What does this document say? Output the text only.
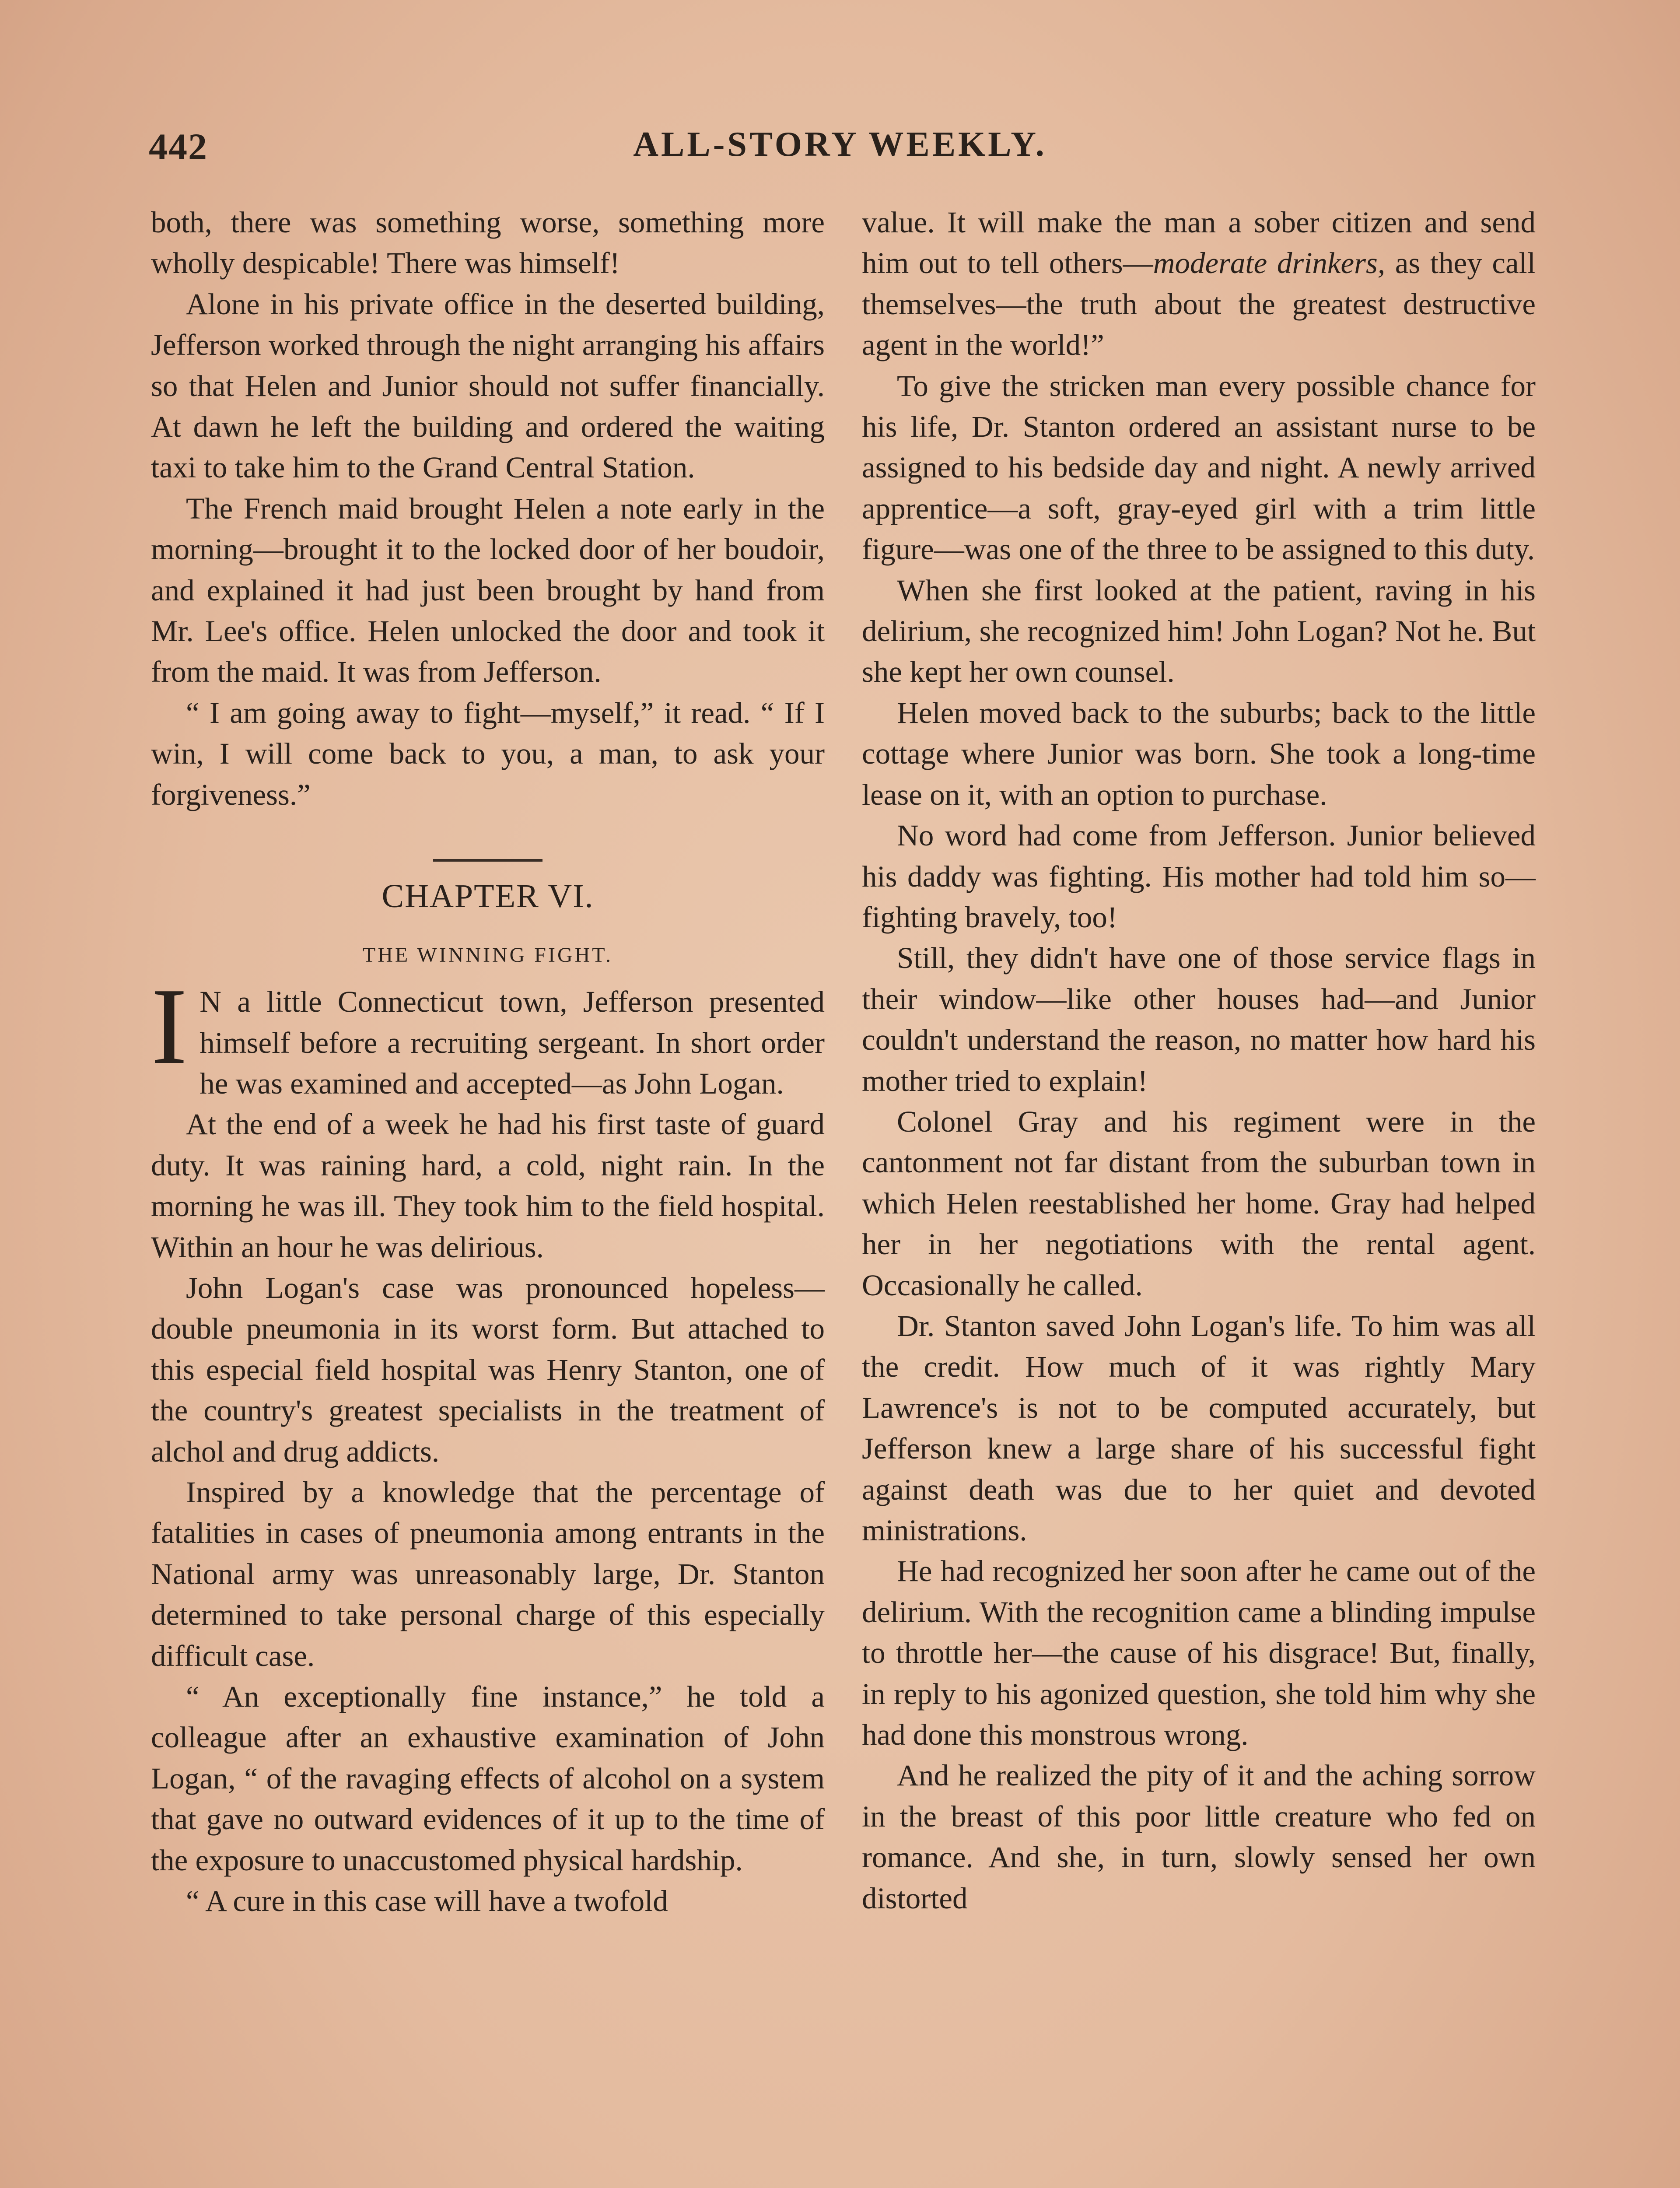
442	ALL-STORY WEEKLY.

both, there was something worse, something more wholly despicable! There was himself!

Alone in his private office in the deserted building, Jefferson worked through the night arranging his affairs so that Helen and Junior should not suffer financially. At dawn he left the building and ordered the waiting taxi to take him to the Grand Central Station.

The French maid brought Helen a note early in the morning—brought it to the locked door of her boudoir, and explained it had just been brought by hand from Mr. Lee's office. Helen unlocked the door and took it from the maid. It was from Jefferson.

“ I am going away to fight—myself,” it read. “ If I win, I will come back to you, a man, to ask your forgiveness.”

CHAPTER VI.
THE WINNING FIGHT.

I N a little Connecticut town, Jefferson presented himself before a recruiting sergeant. In short order he was examined and accepted—as John Logan.

At the end of a week he had his first taste of guard duty. It was raining hard, a cold, night rain. In the morning he was ill. They took him to the field hospital. Within an hour he was delirious.

John Logan's case was pronounced hopeless—double pneumonia in its worst form. But attached to this especial field hospital was Henry Stanton, one of the country's greatest specialists in the treatment of alchol and drug addicts.

Inspired by a knowledge that the percentage of fatalities in cases of pneumonia among entrants in the National army was unreasonably large, Dr. Stanton determined to take personal charge of this especially difficult case.

“ An exceptionally fine instance,” he told a colleague after an exhaustive examination of John Logan, “ of the ravaging effects of alcohol on a system that gave no outward evidences of it up to the time of the exposure to unaccustomed physical hardship.

“ A cure in this case will have a twofold

value. It will make the man a sober citizen and send him out to tell others—moderate drinkers, as they call themselves—the truth about the greatest destructive agent in the world!”

To give the stricken man every possible chance for his life, Dr. Stanton ordered an assistant nurse to be assigned to his bedside day and night. A newly arrived apprentice—a soft, gray-eyed girl with a trim little figure—was one of the three to be assigned to this duty.

When she first looked at the patient, raving in his delirium, she recognized him! John Logan? Not he. But she kept her own counsel.

Helen moved back to the suburbs; back to the little cottage where Junior was born. She took a long-time lease on it, with an option to purchase.

No word had come from Jefferson. Junior believed his daddy was fighting. His mother had told him so—fighting bravely, too!

Still, they didn't have one of those service flags in their window—like other houses had—and Junior couldn't understand the reason, no matter how hard his mother tried to explain!

Colonel Gray and his regiment were in the cantonment not far distant from the suburban town in which Helen reestablished her home. Gray had helped her in her negotiations with the rental agent. Occasionally he called.

Dr. Stanton saved John Logan's life. To him was all the credit. How much of it was rightly Mary Lawrence's is not to be computed accurately, but Jefferson knew a large share of his successful fight against death was due to her quiet and devoted ministrations.

He had recognized her soon after he came out of the delirium. With the recognition came a blinding impulse to throttle her—the cause of his disgrace! But, finally, in reply to his agonized question, she told him why she had done this monstrous wrong.

And he realized the pity of it and the aching sorrow in the breast of this poor little creature who fed on romance. And she, in turn, slowly sensed her own distorted
